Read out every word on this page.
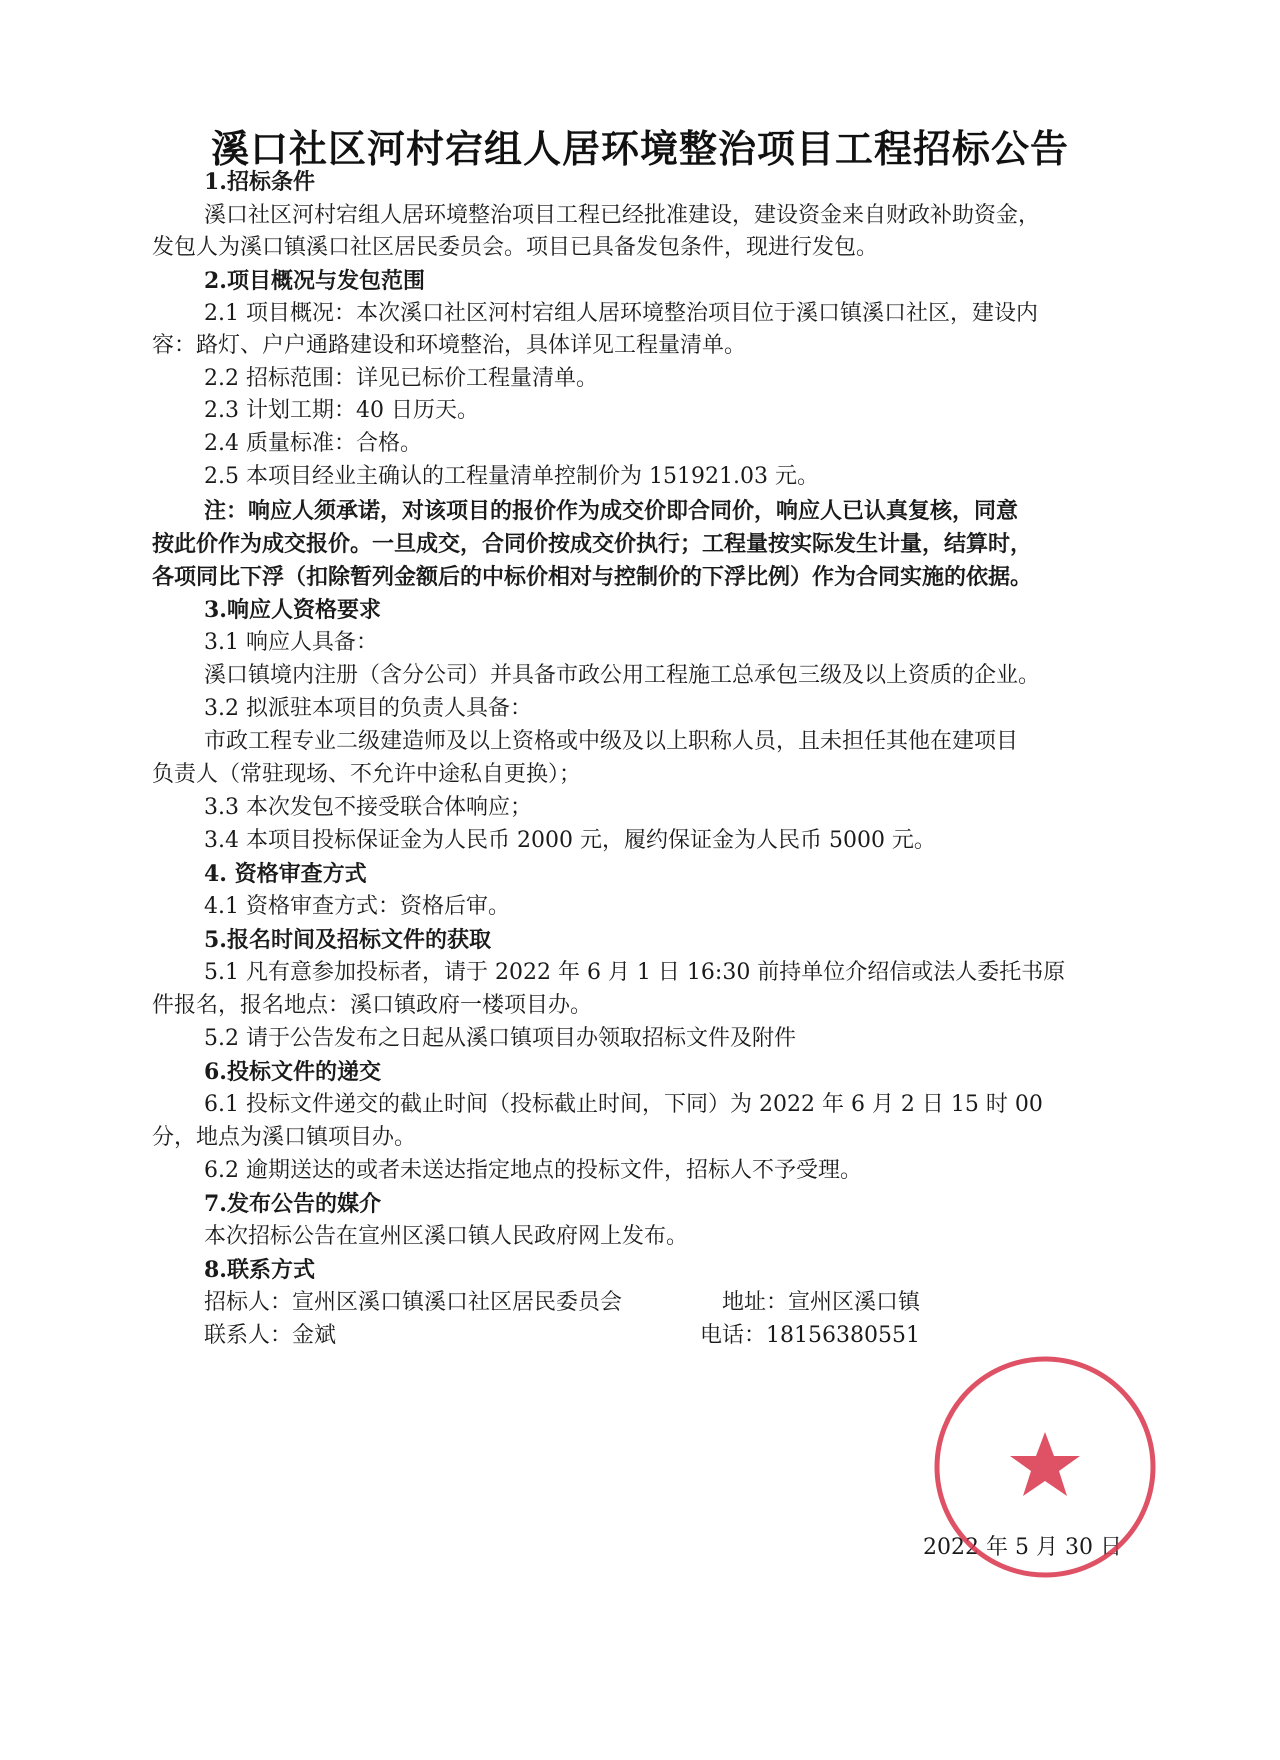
溪口社区河村宕组人居环境整治项目工程招标公告
1.招标条件
溪口社区河村宕组人居环境整治项目工程已经批准建设，建设资金来自财政补助资金，
发包人为溪口镇溪口社区居民委员会。项目已具备发包条件，现进行发包。
2.项目概况与发包范围
2.1 项目概况：本次溪口社区河村宕组人居环境整治项目位于溪口镇溪口社区，建设内
容：路灯、户户通路建设和环境整治，具体详见工程量清单。
2.2 招标范围：详见已标价工程量清单。
2.3 计划工期：40 日历天。
2.4 质量标准：合格。
2.5 本项目经业主确认的工程量清单控制价为 151921.03 元。
注：响应人须承诺，对该项目的报价作为成交价即合同价，响应人已认真复核，同意
按此价作为成交报价。一旦成交，合同价按成交价执行；工程量按实际发生计量，结算时，
各项同比下浮（扣除暂列金额后的中标价相对与控制价的下浮比例）作为合同实施的依据。
3.响应人资格要求
3.1 响应人具备：
溪口镇境内注册（含分公司）并具备市政公用工程施工总承包三级及以上资质的企业。
3.2 拟派驻本项目的负责人具备：
市政工程专业二级建造师及以上资格或中级及以上职称人员，且未担任其他在建项目
负责人（常驻现场、不允许中途私自更换）；
3.3 本次发包不接受联合体响应；
3.4 本项目投标保证金为人民币 2000 元，履约保证金为人民币 5000 元。
4. 资格审查方式
4.1 资格审查方式：资格后审。
5.报名时间及招标文件的获取
5.1 凡有意参加投标者，请于 2022 年 6 月 1 日 16:30 前持单位介绍信或法人委托书原
件报名，报名地点：溪口镇政府一楼项目办。
5.2 请于公告发布之日起从溪口镇项目办领取招标文件及附件
6.投标文件的递交
6.1 投标文件递交的截止时间（投标截止时间，下同）为 2022 年 6 月 2 日 15 时 00
分，地点为溪口镇项目办。
6.2 逾期送达的或者未送达指定地点的投标文件，招标人不予受理。
7.发布公告的媒介
本次招标公告在宣州区溪口镇人民政府网上发布。
8.联系方式
招标人：宣州区溪口镇溪口社区居民委员会	地址：宣州区溪口镇
联系人：金斌	电话：18156380551
2022 年 5 月 30 日
